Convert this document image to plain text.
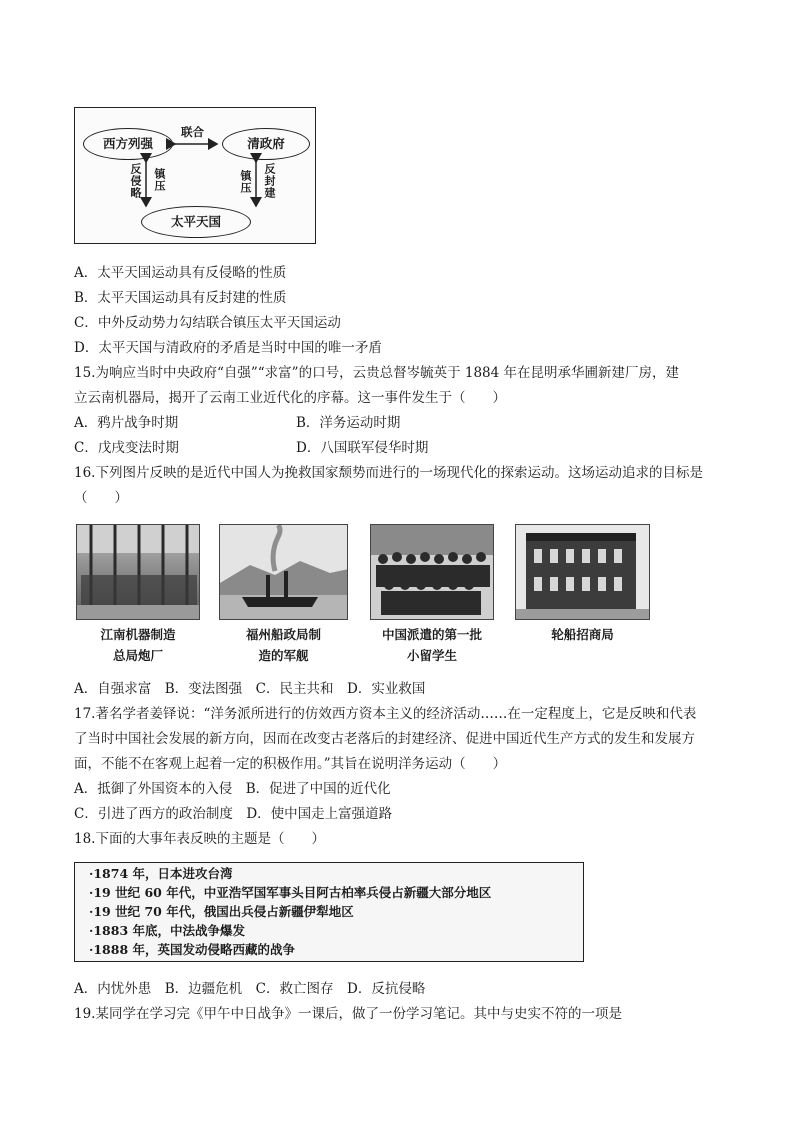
西方列强	清政府
太平天国
联合
反侵略 镇压	镇压 反封建
A．太平天国运动具有反侵略的性质
B．太平天国运动具有反封建的性质
C．中外反动势力勾结联合镇压太平天国运动
D．太平天国与清政府的矛盾是当时中国的唯一矛盾
15.为响应当时中央政府“自强”“求富”的口号，云贵总督岑毓英于 1884 年在昆明承华圃新建厂房，建
立云南机器局，揭开了云南工业近代化的序幕。这一事件发生于（　　）
A．鸦片战争时期	B．洋务运动时期
C．戊戌变法时期	D．八国联军侵华时期
16.下列图片反映的是近代中国人为挽救国家颓势而进行的一场现代化的探索运动。这场运动追求的目标是
（　　）
江南机器制造
总局炮厂
福州船政局制
造的军舰
中国派遣的第一批
小留学生
轮船招商局
A．自强求富　B．变法图强　C．民主共和　D．实业救国
17.著名学者姜铎说：“洋务派所进行的仿效西方资本主义的经济活动……在一定程度上，它是反映和代表
了当时中国社会发展的新方向，因而在改变古老落后的封建经济、促进中国近代生产方式的发生和发展方
面，不能不在客观上起着一定的积极作用。”其旨在说明洋务运动（　　）
A．抵御了外国资本的入侵　B．促进了中国的近代化
C．引进了西方的政治制度　D．使中国走上富强道路
18.下面的大事年表反映的主题是（　　）
·1874 年，日本进攻台湾
·19 世纪 60 年代，中亚浩罕国军事头目阿古柏率兵侵占新疆大部分地区
·19 世纪 70 年代，俄国出兵侵占新疆伊犁地区
·1883 年底，中法战争爆发
·1888 年，英国发动侵略西藏的战争
A．内忧外患　B．边疆危机　C．救亡图存　D．反抗侵略
19.某同学在学习完《甲午中日战争》一课后，做了一份学习笔记。其中与史实不符的一项是
